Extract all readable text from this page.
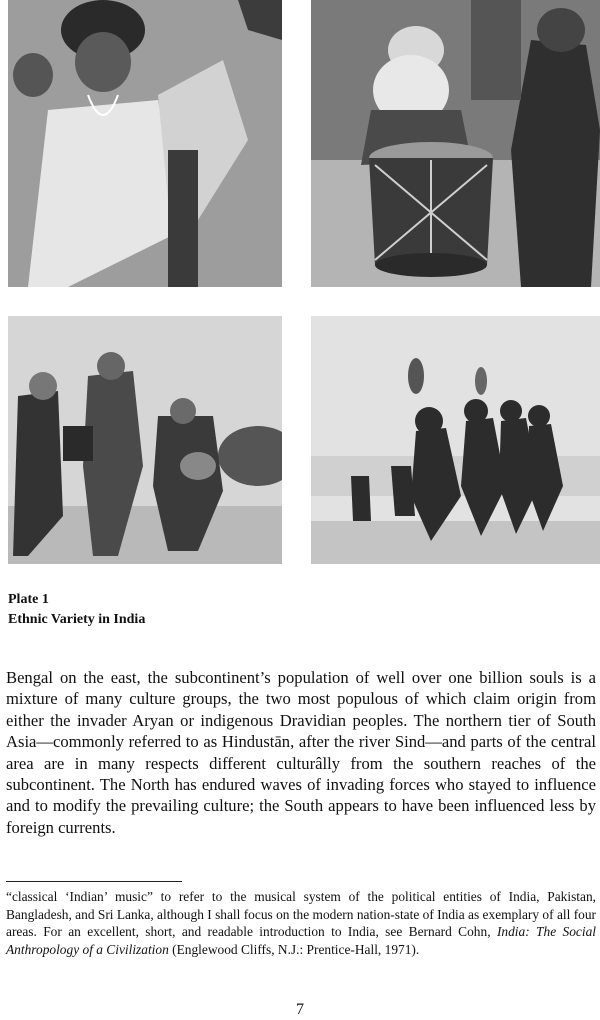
Plate 1
Ethnic Variety in India
Bengal on the east, the subcontinent’s population of well over one billion souls is a mixture of many culture groups, the two most populous of which claim origin from either the invader Aryan or indigenous Dravidian peoples. The northern tier of South Asia—commonly referred to as Hindustān, after the river Sind—and parts of the central area are in many respects different culturâlly from the southern reaches of the subcontinent. The North has endured waves of invading forces who stayed to influence and to modify the prevailing culture; the South appears to have been influenced less by foreign currents.
“classical ‘Indian’ music” to refer to the musical system of the political entities of India, Pakistan, Bangladesh, and Sri Lanka, although I shall focus on the modern nation-state of India as exemplary of all four areas. For an excellent, short, and readable introduction to India, see Bernard Cohn, India: The Social Anthropology of a Civilization (Englewood Cliffs, N.J.: Prentice-Hall, 1971).
7
